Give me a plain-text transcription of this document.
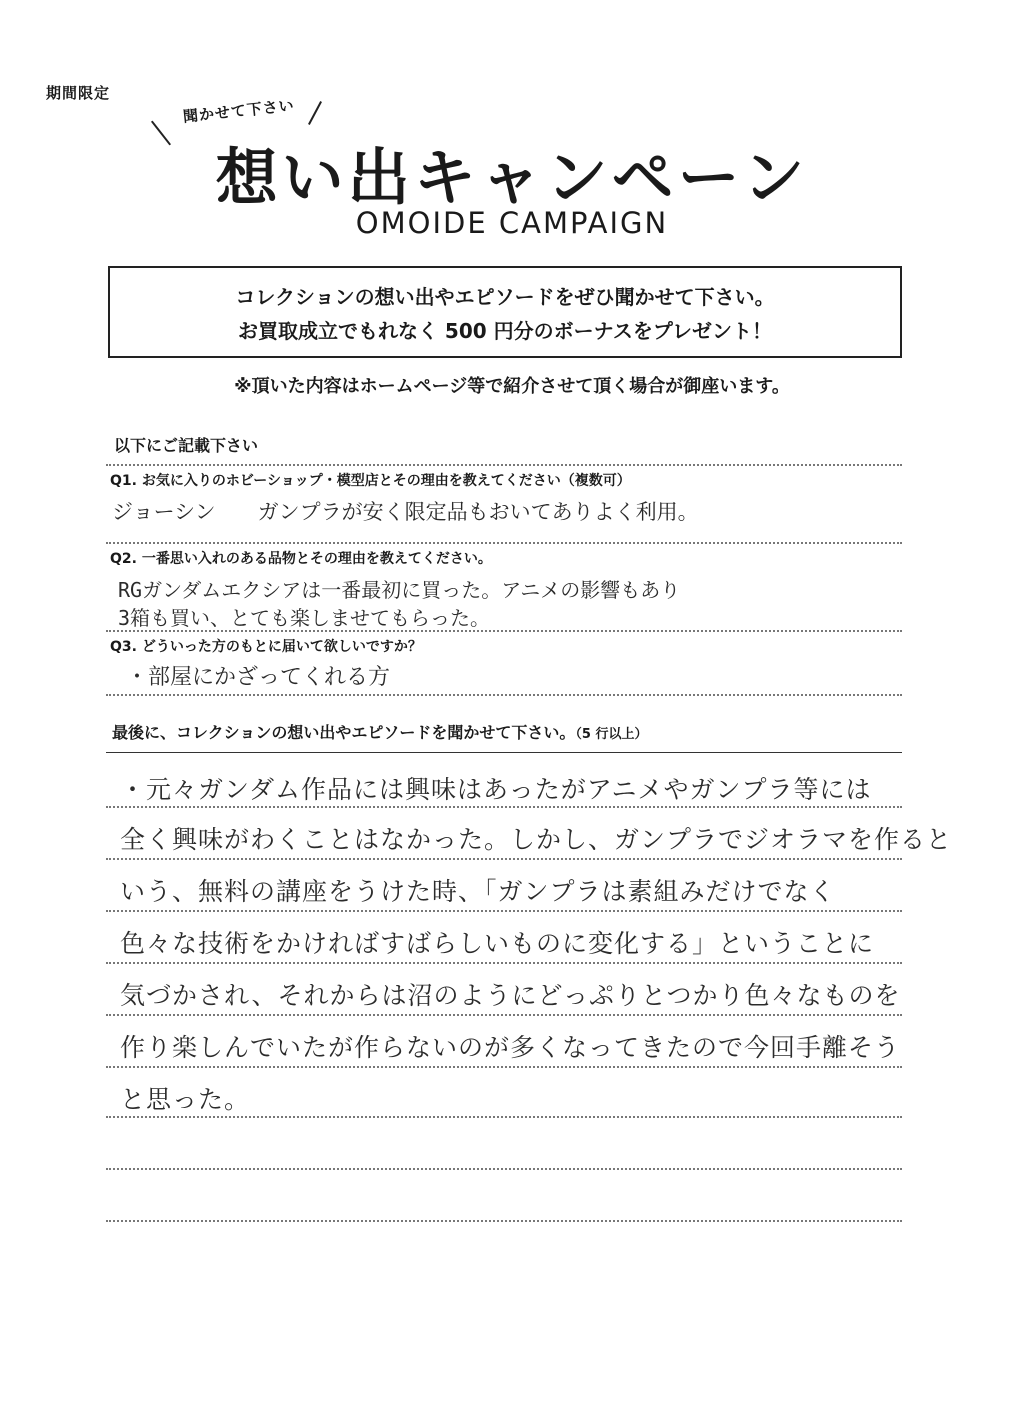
期間限定
聞かせて下さい
想い出キャンペーン
OMOIDE CAMPAIGN
コレクションの想い出やエピソードをぜひ聞かせて下さい。
お買取成立でもれなく 500 円分のボーナスをプレゼント！
※頂いた内容はホームページ等で紹介させて頂く場合が御座います。
以下にご記載下さい
Q1. お気に入りのホビーショップ・模型店とその理由を教えてください（複数可）
ジョーシン　　ガンプラが安く限定品もおいてありよく利用。
Q2. 一番思い入れのある品物とその理由を教えてください。
RGガンダムエクシアは一番最初に買った。アニメの影響もあり
3箱も買い、とても楽しませてもらった。
Q3. どういった方のもとに届いて欲しいですか？
・部屋にかざってくれる方
最後に、コレクションの想い出やエピソードを聞かせて下さい。（5 行以上）
・元々ガンダム作品には興味はあったがアニメやガンプラ等には
全く興味がわくことはなかった。しかし、ガンプラでジオラマを作ると
いう、無料の講座をうけた時、「ガンプラは素組みだけでなく
色々な技術をかければすばらしいものに変化する」ということに
気づかされ、それからは沼のようにどっぷりとつかり色々なものを
作り楽しんでいたが作らないのが多くなってきたので今回手離そう
と思った。
